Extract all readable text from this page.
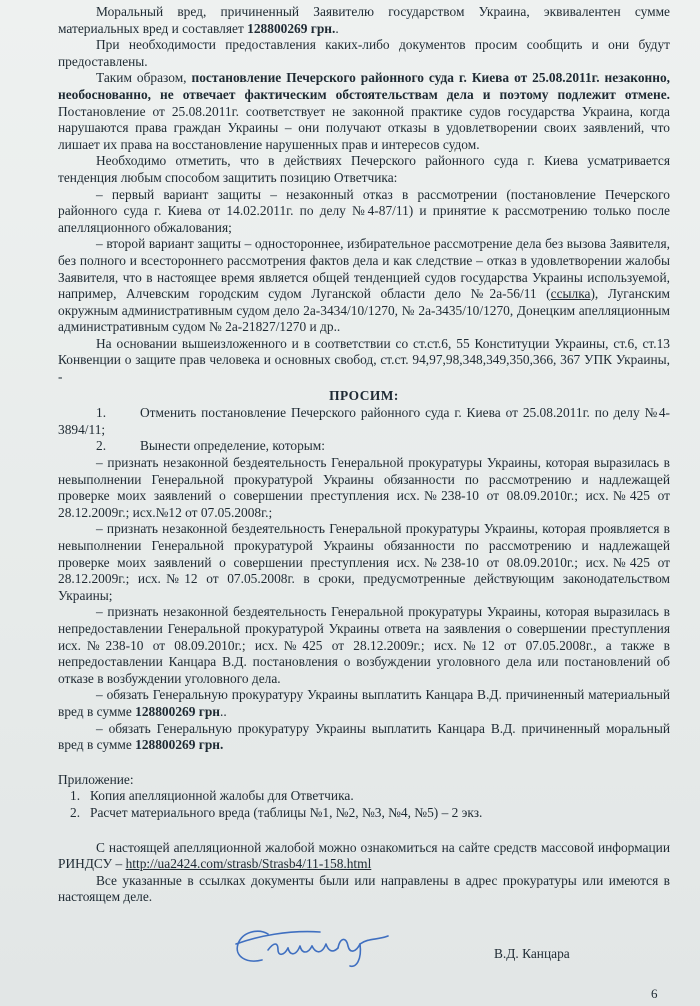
Моральный вред, причиненный Заявителю государством Украина, эквивалентен сумме материальных вред и составляет 128800269 грн..

При необходимости предоставления каких-либо документов просим сообщить и они будут предоставлены.

Таким образом, постановление Печерского районного суда г. Киева от 25.08.2011г. незаконно, необоснованно, не отвечает фактическим обстоятельствам дела и поэтому подлежит отмене. Постановление от 25.08.2011г. соответствует не законной практике судов государства Украина, когда нарушаются права граждан Украины – они получают отказы в удовлетворении своих заявлений, что лишает их права на восстановление нарушенных прав и интересов судом.

Необходимо отметить, что в действиях Печерского районного суда г. Киева усматривается тенденция любым способом защитить позицию Ответчика:

– первый вариант защиты – незаконный отказ в рассмотрении (постановление Печерского районного суда г. Киева от 14.02.2011г. по делу №4-87/11) и принятие к рассмотрению только после апелляционного обжалования;

– второй вариант защиты – одностороннее, избирательное рассмотрение дела без вызова Заявителя, без полного и всестороннего рассмотрения фактов дела и как следствие – отказ в удовлетворении жалобы Заявителя, что в настоящее время является общей тенденцией судов государства Украины используемой, например, Алчевским городским судом Луганской области дело №2а-56/11 (ссылка), Луганским окружным административным судом дело 2а-3434/10/1270, № 2а-3435/10/1270, Донецким апелляционным административным судом № 2а-21827/1270 и др..

На основании вышеизложенного и в соответствии со ст.ст.6, 55 Конституции Украины, ст.6, ст.13 Конвенции о защите прав человека и основных свобод, ст.ст. 94,97,98,348,349,350,366, 367 УПК Украины, -

ПРОСИМ:

1.	Отменить постановление Печерского районного суда г. Киева от 25.08.2011г. по делу №4-3894/11;

2.	Вынести определение, которым:

– признать незаконной бездеятельность Генеральной прокуратуры Украины, которая выразилась в невыполнении Генеральной прокуратурой Украины обязанности по рассмотрению и надлежащей проверке моих заявлений о совершении преступления исх.№238-10 от 08.09.2010г.; исх.№425 от 28.12.2009г.; исх.№12 от 07.05.2008г.;

– признать незаконной бездеятельность Генеральной прокуратуры Украины, которая проявляется в невыполнении Генеральной прокуратурой Украины обязанности по рассмотрению и надлежащей проверке моих заявлений о совершении преступления исх.№238-10 от 08.09.2010г.; исх.№425 от 28.12.2009г.; исх.№12 от 07.05.2008г. в сроки, предусмотренные действующим законодательством Украины;

– признать незаконной бездеятельность Генеральной прокуратуры Украины, которая выразилась в непредоставлении Генеральной прокуратурой Украины ответа на заявления о совершении преступления исх.№238-10 от 08.09.2010г.; исх.№425 от 28.12.2009г.; исх.№12 от 07.05.2008г., а также в непредоставлении Канцара В.Д. постановления о возбуждении уголовного дела или постановлений об отказе в возбуждении уголовного дела.

– обязать Генеральную прокуратуру Украины выплатить Канцара В.Д. причиненный материальный вред в сумме 128800269 грн..

– обязать Генеральную прокуратуру Украины выплатить Канцара В.Д. причиненный моральный вред в сумме 128800269 грн.

Приложение:

1. Копия апелляционной жалобы для Ответчика.

2. Расчет материального вреда (таблицы №1, №2, №3, №4, №5) – 2 экз.

С настоящей апелляционной жалобой можно ознакомиться на сайте средств массовой информации РИНДСУ – http://ua2424.com/strasb/Strasb4/11-158.html

Все указанные в ссылках документы были или направлены в адрес прокуратуры или имеются в настоящем деле.

В.Д. Канцара
6
